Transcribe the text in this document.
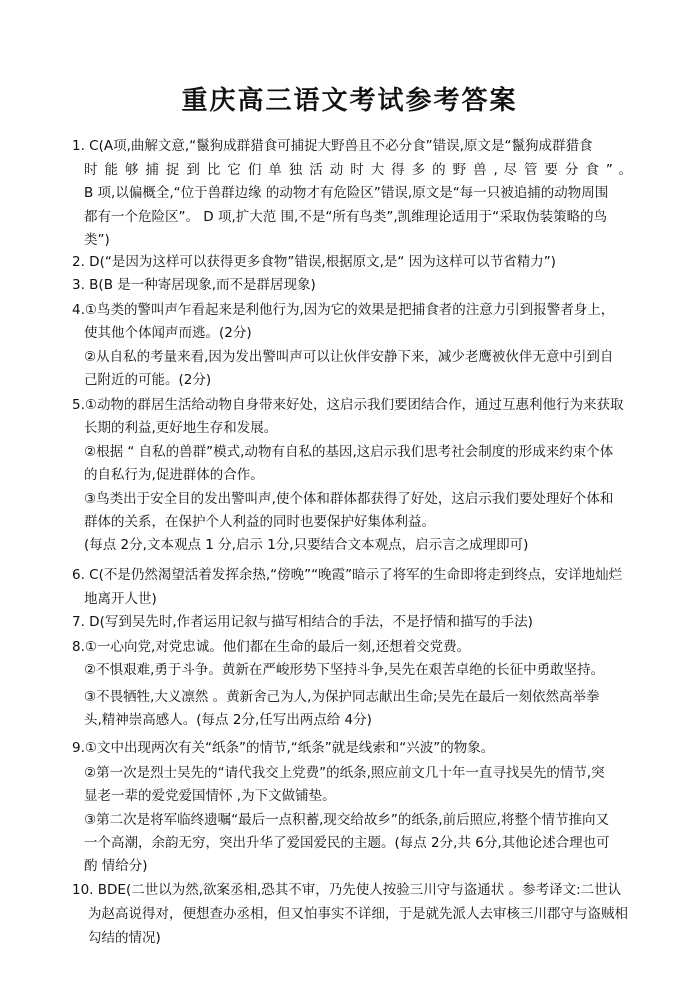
重庆高三语文考试参考答案
1. C(A项,曲解文意,“鬣狗成群猎食可捕捉大野兽且不必分食”错误,原文是“鬣狗成群猎食
时 能 够 捕 捉 到 比 它 们 单 独 活 动 时 大 得 多 的 野 兽 , 尽 管 要 分 食 ” 。
B 项,以偏概全,“位于兽群边缘 的动物才有危险区”错误,原文是“每一只被追捕的动物周围
都有一个危险区”。 D 项,扩大范 围,不是“所有鸟类”,凯维理论适用于“采取伪装策略的鸟
类”)
2. D(“是因为这样可以获得更多食物”错误,根据原文,是“ 因为这样可以节省精力”)
3. B(B 是一种寄居现象,而不是群居现象)
4.①鸟类的警叫声乍看起来是利他行为,因为它的效果是把捕食者的注意力引到报警者身上，
使其他个体闻声而逃。(2分)
②从自私的考量来看,因为发出警叫声可以让伙伴安静下来，减少老鹰被伙伴无意中引到自
己附近的可能。(2分)
5.①动物的群居生活给动物自身带来好处，这启示我们要团结合作，通过互惠利他行为来获取
长期的利益,更好地生存和发展。
②根据 “ 自私的兽群”模式,动物有自私的基因,这启示我们思考社会制度的形成来约束个体
的自私行为,促进群体的合作。
③鸟类出于安全目的发出警叫声,使个体和群体都获得了好处，这启示我们要处理好个体和
群体的关系，在保护个人利益的同时也要保护好集体利益。
(每点 2分,文本观点 1 分,启示 1分,只要结合文本观点，启示言之成理即可)
6. C(不是仍然渴望活着发挥余热,“傍晚”“晚霞”暗示了将军的生命即将走到终点，安详地灿烂
地离开人世)
7. D(写到吴先时,作者运用记叙与描写相结合的手法，不是抒情和描写的手法)
8.①一心向党,对党忠诚。他们都在生命的最后一刻,还想着交党费。
②不惧艰难,勇于斗争。黄新在严峻形势下坚持斗争,吴先在艰苦卓绝的长征中勇敢坚持。
③不畏牺牲,大义凛然 。黄新舍己为人,为保护同志献出生命;吴先在最后一刻依然高举拳
头,精神崇高感人。(每点 2分,任写出两点给 4分)
9.①文中出现两次有关“纸条”的情节,“纸条”就是线索和“兴波”的物象。
②第一次是烈士吴先的“请代我交上党费”的纸条,照应前文几十年一直寻找吴先的情节,突
显老一辈的爱党爱国情怀 ,为下文做铺垫。
③第二次是将军临终遗嘱“最后一点积蓄,现交给故乡”的纸条,前后照应,将整个情节推向又
一个高潮，余韵无穷，突出升华了爱国爱民的主题。(每点 2分,共 6分,其他论述合理也可
酌 情给分)
10. BDE(二世以为然,欲案丞相,恐其不审，乃先使人按验三川守与盗通状 。参考译文:二世认
为赵高说得对，便想查办丞相，但又怕事实不详细，于是就先派人去审核三川郡守与盗贼相
勾结的情况)
